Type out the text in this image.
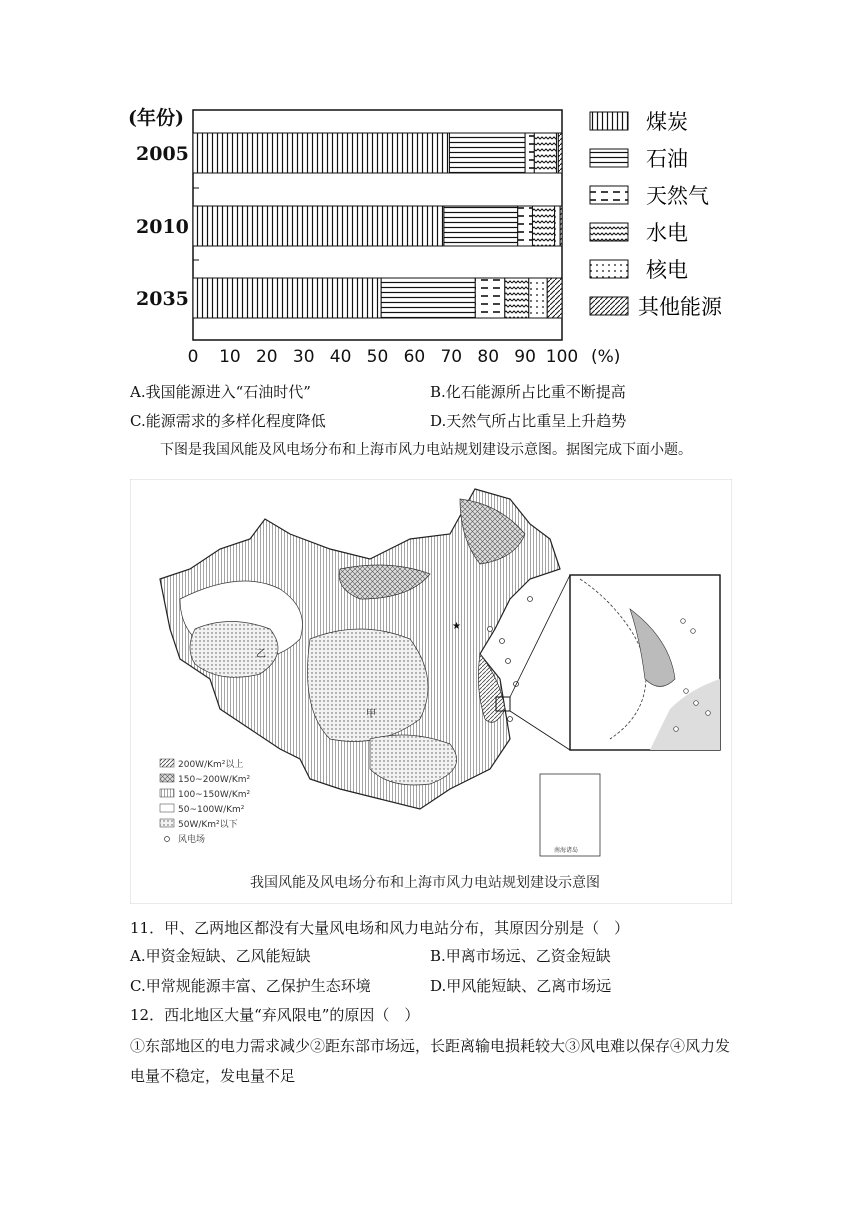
(年份)
2005
2010
2035
0 10 20 30 40 50 60 70 80 90 100 (%)
煤炭
石油
天然气
水电
核电
其他能源
A.我国能源进入“石油时代”	B.化石能源所占比重不断提高
C.能源需求的多样化程度降低	D.天然气所占比重呈上升趋势
下图是我国风能及风电场分布和上海市风力电站规划建设示意图。据图完成下面小题。
乙
甲
★
南海诸岛
200W/Km²以上
150~200W/Km²
100~150W/Km²
50~100W/Km²
50W/Km²以下
风电场
我国风能及风电场分布和上海市风力电站规划建设示意图
11．甲、乙两地区都没有大量风电场和风力电站分布，其原因分别是（　）
A.甲资金短缺、乙风能短缺	B.甲离市场远、乙资金短缺
C.甲常规能源丰富、乙保护生态环境	D.甲风能短缺、乙离市场远
12．西北地区大量“弃风限电”的原因（　）
①东部地区的电力需求减少②距东部市场远，长距离输电损耗较大③风电难以保存④风力发
电量不稳定，发电量不足
